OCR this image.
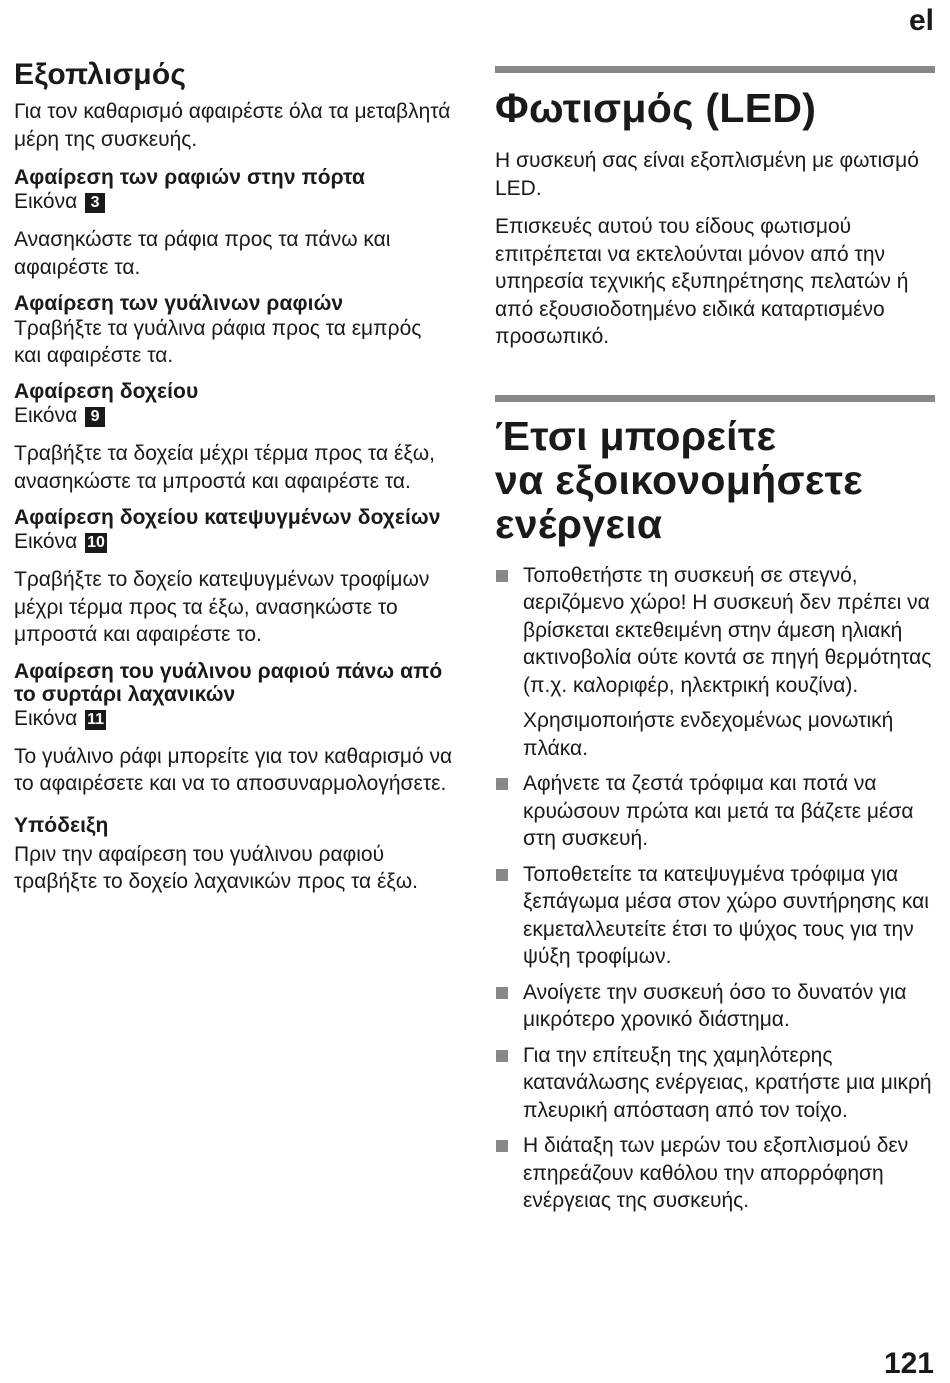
el
Εξοπλισμός

Για τον καθαρισμό αφαιρέστε όλα τα μεταβλητά μέρη της συσκευής.

Αφαίρεση των ραφιών στην πόρτα
Εικόνα 3

Ανασηκώστε τα ράφια προς τα πάνω και αφαιρέστε τα.

Αφαίρεση των γυάλινων ραφιών

Τραβήξτε τα γυάλινα ράφια προς τα εμπρός και αφαιρέστε τα.

Αφαίρεση δοχείου
Εικόνα 9

Τραβήξτε τα δοχεία μέχρι τέρμα προς τα έξω, ανασηκώστε τα μπροστά και αφαιρέστε τα.

Αφαίρεση δοχείου κατεψυγμένων δοχείων
Εικόνα 10

Τραβήξτε το δοχείο κατεψυγμένων τροφίμων μέχρι τέρμα προς τα έξω, ανασηκώστε το μπροστά και αφαιρέστε το.

Αφαίρεση του γυάλινου ραφιού πάνω από το συρτάρι λαχανικών
Εικόνα 11

Το γυάλινο ράφι μπορείτε για τον καθαρισμό να το αφαιρέσετε και να το αποσυναρμολογήσετε.

Υπόδειξη

Πριν την αφαίρεση του γυάλινου ραφιού τραβήξτε το δοχείο λαχανικών προς τα έξω.

Φωτισμός (LED)

Η συσκευή σας είναι εξοπλισμένη με φωτισμό LED.

Επισκευές αυτού του είδους φωτισμού επιτρέπεται να εκτελούνται μόνον από την υπηρεσία τεχνικής εξυπηρέτησης πελατών ή από εξουσιοδοτημένο ειδικά καταρτισμένο προσωπικό.

Έτσι μπορείτε
να εξοικονομήσετε
ενέργεια

Τοποθετήστε τη συσκευή σε στεγνό, αεριζόμενο χώρο! Η συσκευή δεν πρέπει να βρίσκεται εκτεθειμένη στην άμεση ηλιακή ακτινοβολία ούτε κοντά σε πηγή θερμότητας (π.χ. καλοριφέρ, ηλεκτρική κουζίνα).

Χρησιμοποιήστε ενδεχομένως μονωτική πλάκα.

Αφήνετε τα ζεστά τρόφιμα και ποτά να κρυώσουν πρώτα και μετά τα βάζετε μέσα στη συσκευή.

Τοποθετείτε τα κατεψυγμένα τρόφιμα για ξεπάγωμα μέσα στον χώρο συντήρησης και εκμεταλλευτείτε έτσι το ψύχος τους για την ψύξη τροφίμων.

Ανοίγετε την συσκευή όσο το δυνατόν για μικρότερο χρονικό διάστημα.

Για την επίτευξη της χαμηλότερης κατανάλωσης ενέργειας, κρατήστε μια μικρή πλευρική απόσταση από τον τοίχο.

Η διάταξη των μερών του εξοπλισμού δεν επηρεάζουν καθόλου την απορρόφηση ενέργειας της συσκευής.

121
